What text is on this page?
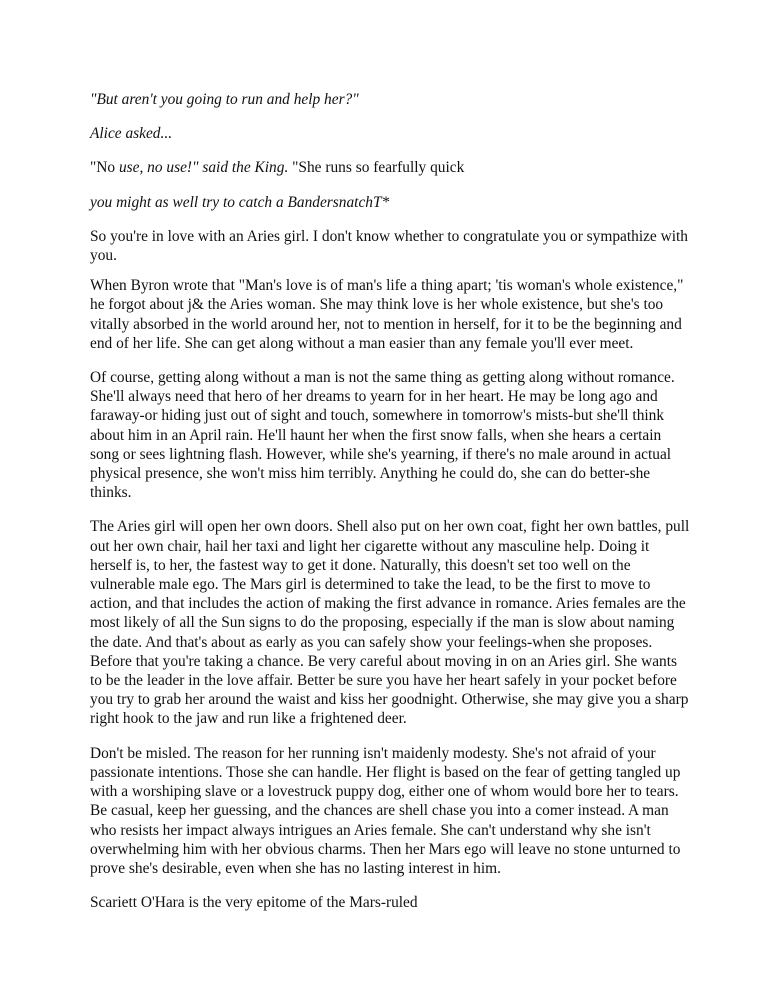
"But aren't you going to run and help her?"

Alice asked...

"No use, no use!" said the King. "She runs so fearfully quick

you might as well try to catch a BandersnatchT*

So you're in love with an Aries girl. I don't know whether to congratulate you or sympathize with you.

When Byron wrote that "Man's love is of man's life a thing apart; 'tis woman's whole existence," he forgot about j& the Aries woman. She may think love is her whole existence, but she's too vitally absorbed in the world around her, not to mention in herself, for it to be the beginning and end of her life. She can get along without a man easier than any female you'll ever meet.

Of course, getting along without a man is not the same thing as getting along without romance. She'll always need that hero of her dreams to yearn for in her heart. He may be long ago and faraway-or hiding just out of sight and touch, somewhere in tomorrow's mists-but she'll think about him in an April rain. He'll haunt her when the first snow falls, when she hears a certain song or sees lightning flash. However, while she's yearning, if there's no male around in actual physical presence, she won't miss him terribly. Anything he could do, she can do better-she thinks.

The Aries girl will open her own doors. Shell also put on her own coat, fight her own battles, pull out her own chair, hail her taxi and light her cigarette without any masculine help. Doing it herself is, to her, the fastest way to get it done. Naturally, this doesn't set too well on the vulnerable male ego. The Mars girl is determined to take the lead, to be the first to move to action, and that includes the action of making the first advance in romance. Aries females are the most likely of all the Sun signs to do the proposing, especially if the man is slow about naming the date. And that's about as early as you can safely show your feelings-when she proposes. Before that you're taking a chance. Be very careful about moving in on an Aries girl. She wants to be the leader in the love affair. Better be sure you have her heart safely in your pocket before you try to grab her around the waist and kiss her goodnight. Otherwise, she may give you a sharp right hook to the jaw and run like a frightened deer.

Don't be misled. The reason for her running isn't maidenly modesty. She's not afraid of your passionate intentions. Those she can handle. Her flight is based on the fear of getting tangled up with a worshiping slave or a lovestruck puppy dog, either one of whom would bore her to tears. Be casual, keep her guessing, and the chances are shell chase you into a comer instead. A man who resists her impact always intrigues an Aries female. She can't understand why she isn't overwhelming him with her obvious charms. Then her Mars ego will leave no stone unturned to prove she's desirable, even when she has no lasting interest in him.

Scariett O'Hara is the very epitome of the Mars-ruled
